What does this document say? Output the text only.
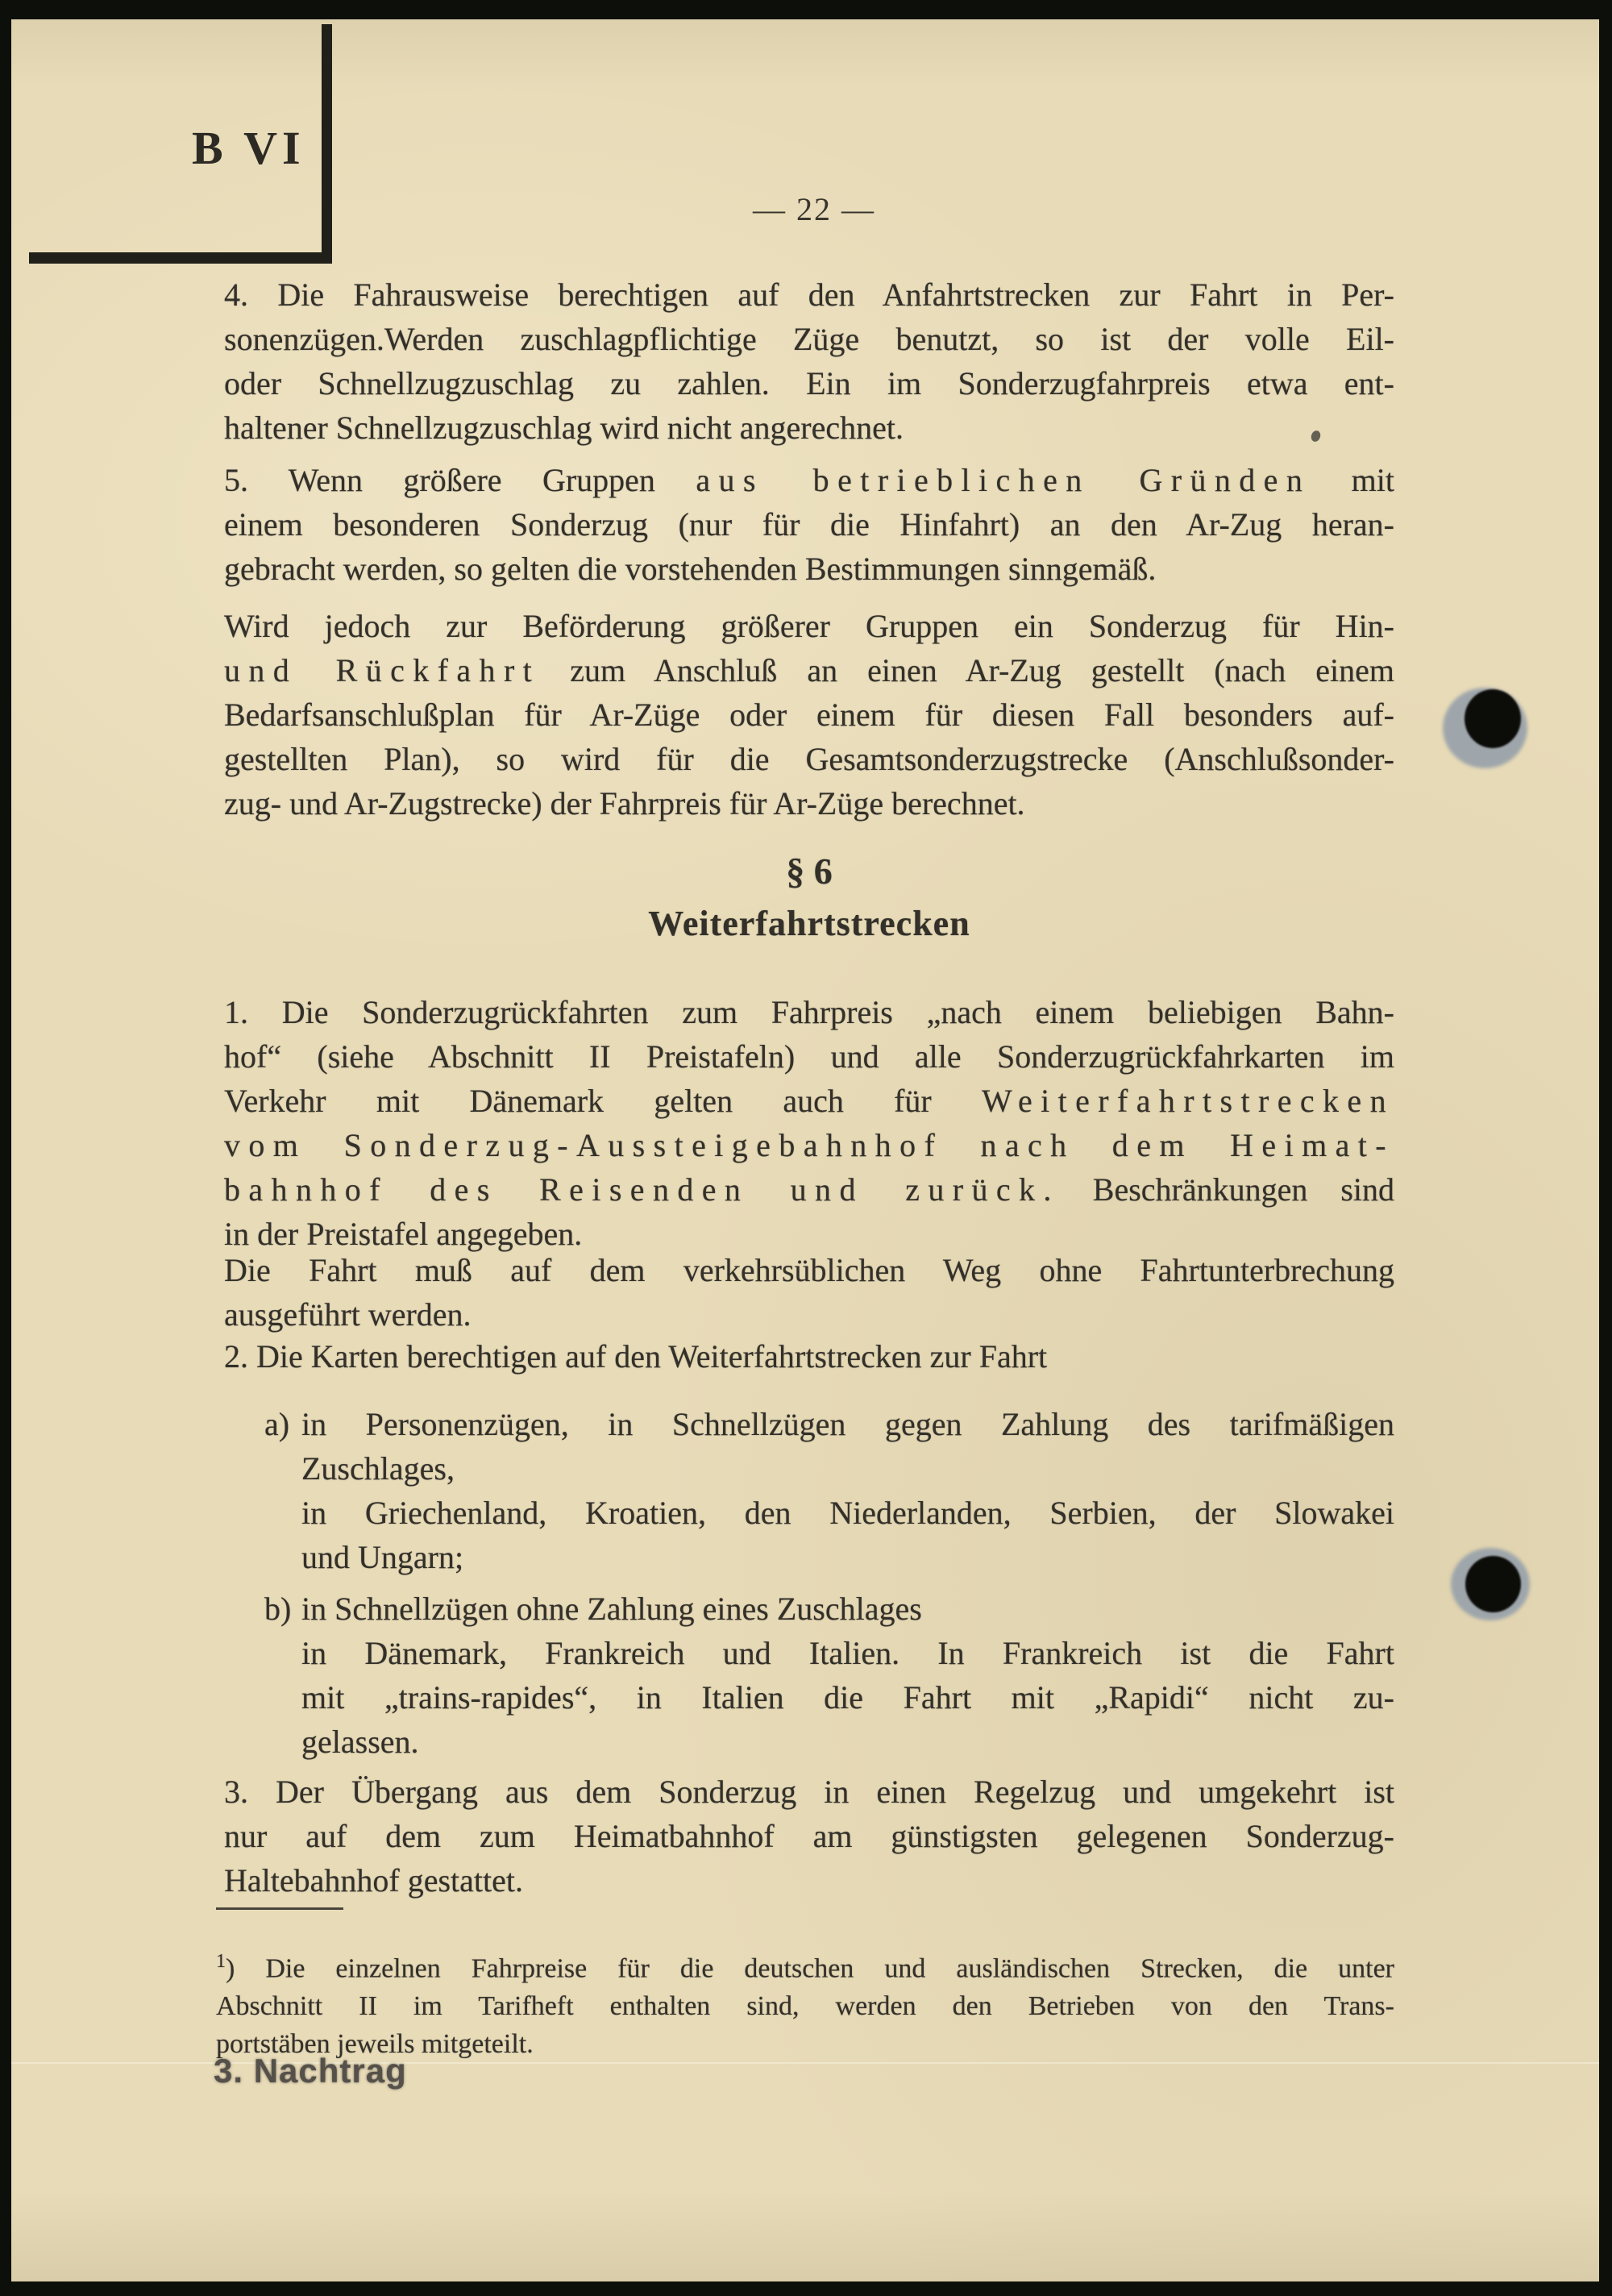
B VI
— 22 —
4. Die Fahrausweise berechtigen auf den Anfahrtstrecken zur Fahrt in Per-
sonenzügen.Werden zuschlagpflichtige Züge benutzt, so ist der volle Eil-
oder Schnellzugzuschlag zu zahlen. Ein im Sonderzugfahrpreis etwa ent-
haltener Schnellzugzuschlag wird nicht angerechnet.
5. Wenn größere Gruppen aus betrieblichen Gründen mit
einem besonderen Sonderzug (nur für die Hinfahrt) an den Ar-Zug heran-
gebracht werden, so gelten die vorstehenden Bestimmungen sinngemäß.
Wird jedoch zur Beförderung größerer Gruppen ein Sonderzug für Hin-
und Rückfahrt zum Anschluß an einen Ar-Zug gestellt (nach einem
Bedarfsanschlußplan für Ar-Züge oder einem für diesen Fall besonders auf-
gestellten Plan), so wird für die Gesamtsonderzugstrecke (Anschlußsonder-
zug- und Ar-Zugstrecke) der Fahrpreis für Ar-Züge berechnet.
§ 6
Weiterfahrtstrecken
1. Die Sonderzugrückfahrten zum Fahrpreis „nach einem beliebigen Bahn-
hof“ (siehe Abschnitt II Preistafeln) und alle Sonderzugrückfahrkarten im
Verkehr mit Dänemark gelten auch für Weiterfahrtstrecken
vom Sonderzug-Aussteigebahnhof nach dem Heimat-
bahnhof des Reisenden und zurück. Beschränkungen sind
in der Preistafel angegeben.
Die Fahrt muß auf dem verkehrsüblichen Weg ohne Fahrtunterbrechung
ausgeführt werden.
2. Die Karten berechtigen auf den Weiterfahrtstrecken zur Fahrt
a) in Personenzügen, in Schnellzügen gegen Zahlung des tarifmäßigen
Zuschlages,
in Griechenland, Kroatien, den Niederlanden, Serbien, der Slowakei
und Ungarn;
b) in Schnellzügen ohne Zahlung eines Zuschlages
in Dänemark, Frankreich und Italien. In Frankreich ist die Fahrt
mit „trains-rapides“, in Italien die Fahrt mit „Rapidi“ nicht zu-
gelassen.
3. Der Übergang aus dem Sonderzug in einen Regelzug und umgekehrt ist
nur auf dem zum Heimatbahnhof am günstigsten gelegenen Sonderzug-
Haltebahnhof gestattet.
$^1$) Die einzelnen Fahrpreise für die deutschen und ausländischen Strecken, die unter
Abschnitt II im Tarifheft enthalten sind, werden den Betrieben von den Trans-
portstäben jeweils mitgeteilt.
3. Nachtrag
